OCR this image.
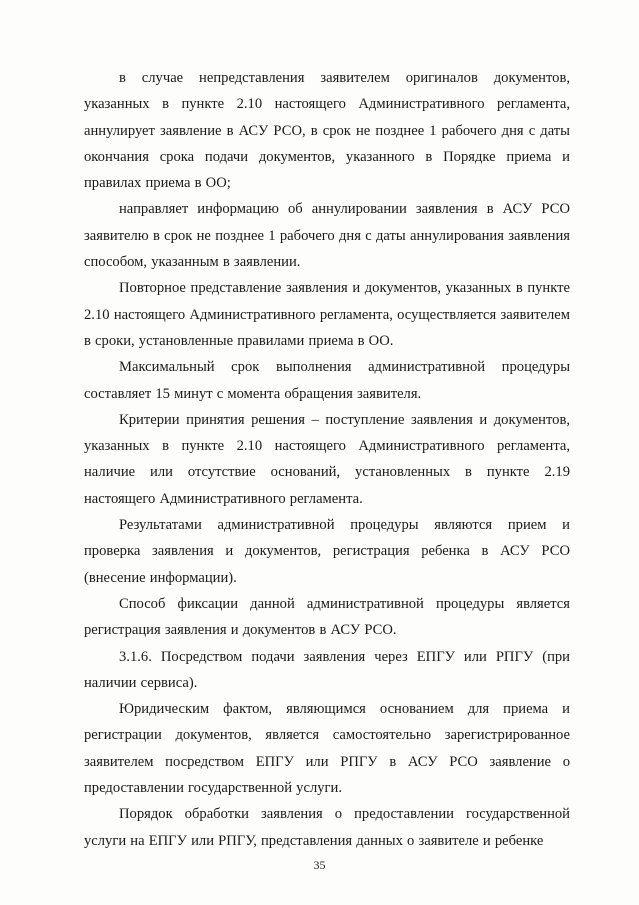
в случае непредставления заявителем оригиналов документов, указанных в пункте 2.10 настоящего Административного регламента, аннулирует заявление в АСУ РСО, в срок не позднее 1 рабочего дня с даты окончания срока подачи документов, указанного в Порядке приема и правилах приема в ОО;

направляет информацию об аннулировании заявления в АСУ РСО заявителю в срок не позднее 1 рабочего дня с даты аннулирования заявления способом, указанным в заявлении.

Повторное представление заявления и документов, указанных в пункте 2.10 настоящего Административного регламента, осуществляется заявителем в сроки, установленные правилами приема в ОО.

Максимальный срок выполнения административной процедуры составляет 15 минут с момента обращения заявителя.

Критерии принятия решения – поступление заявления и документов, указанных в пункте 2.10 настоящего Административного регламента, наличие или отсутствие оснований, установленных в пункте 2.19 настоящего Административного регламента.

Результатами административной процедуры являются прием и проверка заявления и документов, регистрация ребенка в АСУ РСО (внесение информации).

Способ фиксации данной административной процедуры является регистрация заявления и документов в АСУ РСО.

3.1.6. Посредством подачи заявления через ЕПГУ или РПГУ (при наличии сервиса).

Юридическим фактом, являющимся основанием для приема и регистрации документов, является самостоятельно зарегистрированное заявителем посредством ЕПГУ или РПГУ в АСУ РСО заявление о предоставлении государственной услуги.

Порядок обработки заявления о предоставлении государственной услуги на ЕПГУ или РПГУ, представления данных о заявителе и ребенке

35
